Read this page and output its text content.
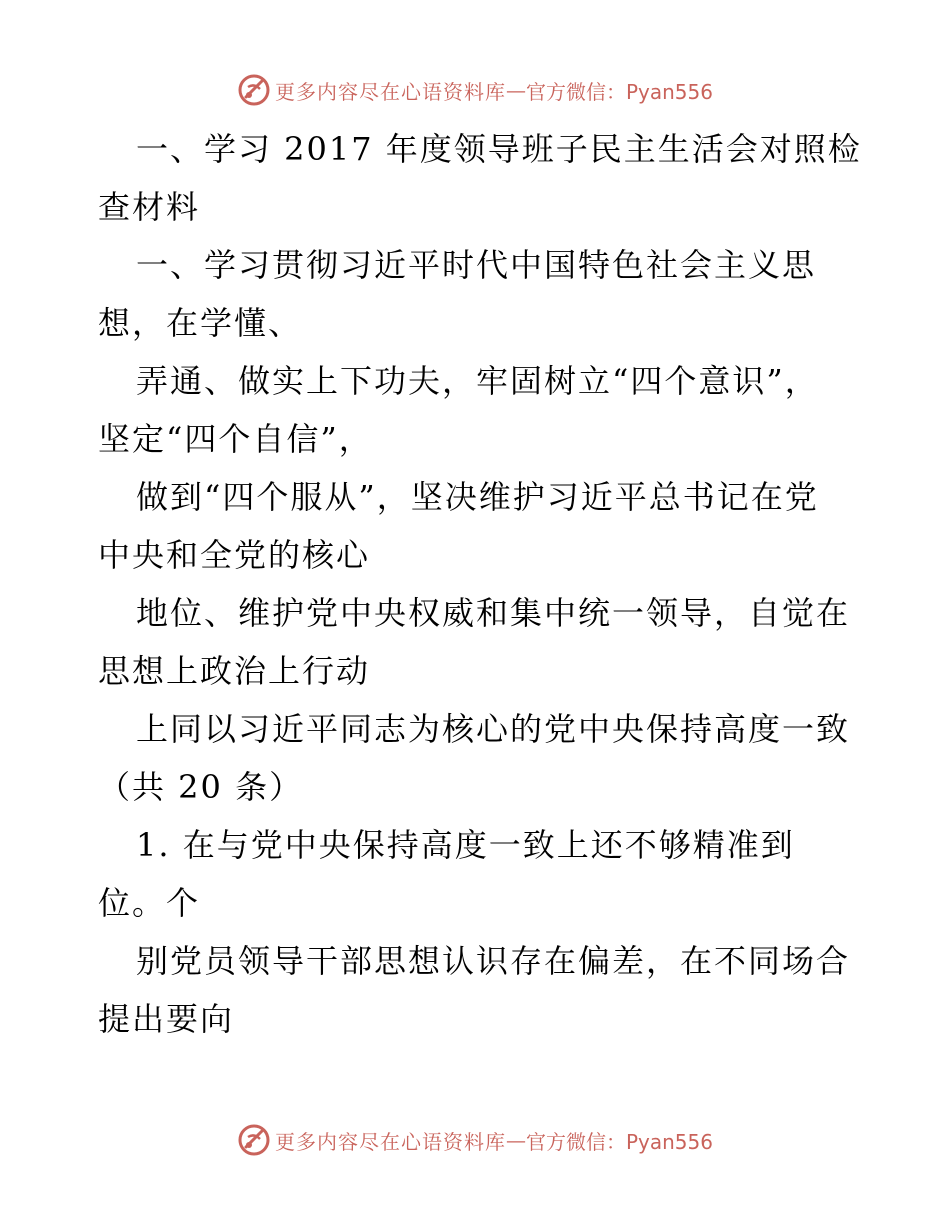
更多内容尽在心语资料库 — 官方微信：Pyan556
一、学习 2017 年度领导班子民主生活会对照检
查材料
一、学习贯彻习近平时代中国特色社会主义思
想，在学懂、
弄通、做实上下功夫，牢固树立“四个意识”，
坚定“四个自信”，
做到“四个服从”，坚决维护习近平总书记在党
中央和全党的核心
地位、维护党中央权威和集中统一领导，自觉在
思想上政治上行动
上同以习近平同志为核心的党中央保持高度一致
（共 20 条）
1. 在与党中央保持高度一致上还不够精准到
位。个
别党员领导干部思想认识存在偏差，在不同场合
提出要向
更多内容尽在心语资料库 — 官方微信：Pyan556
